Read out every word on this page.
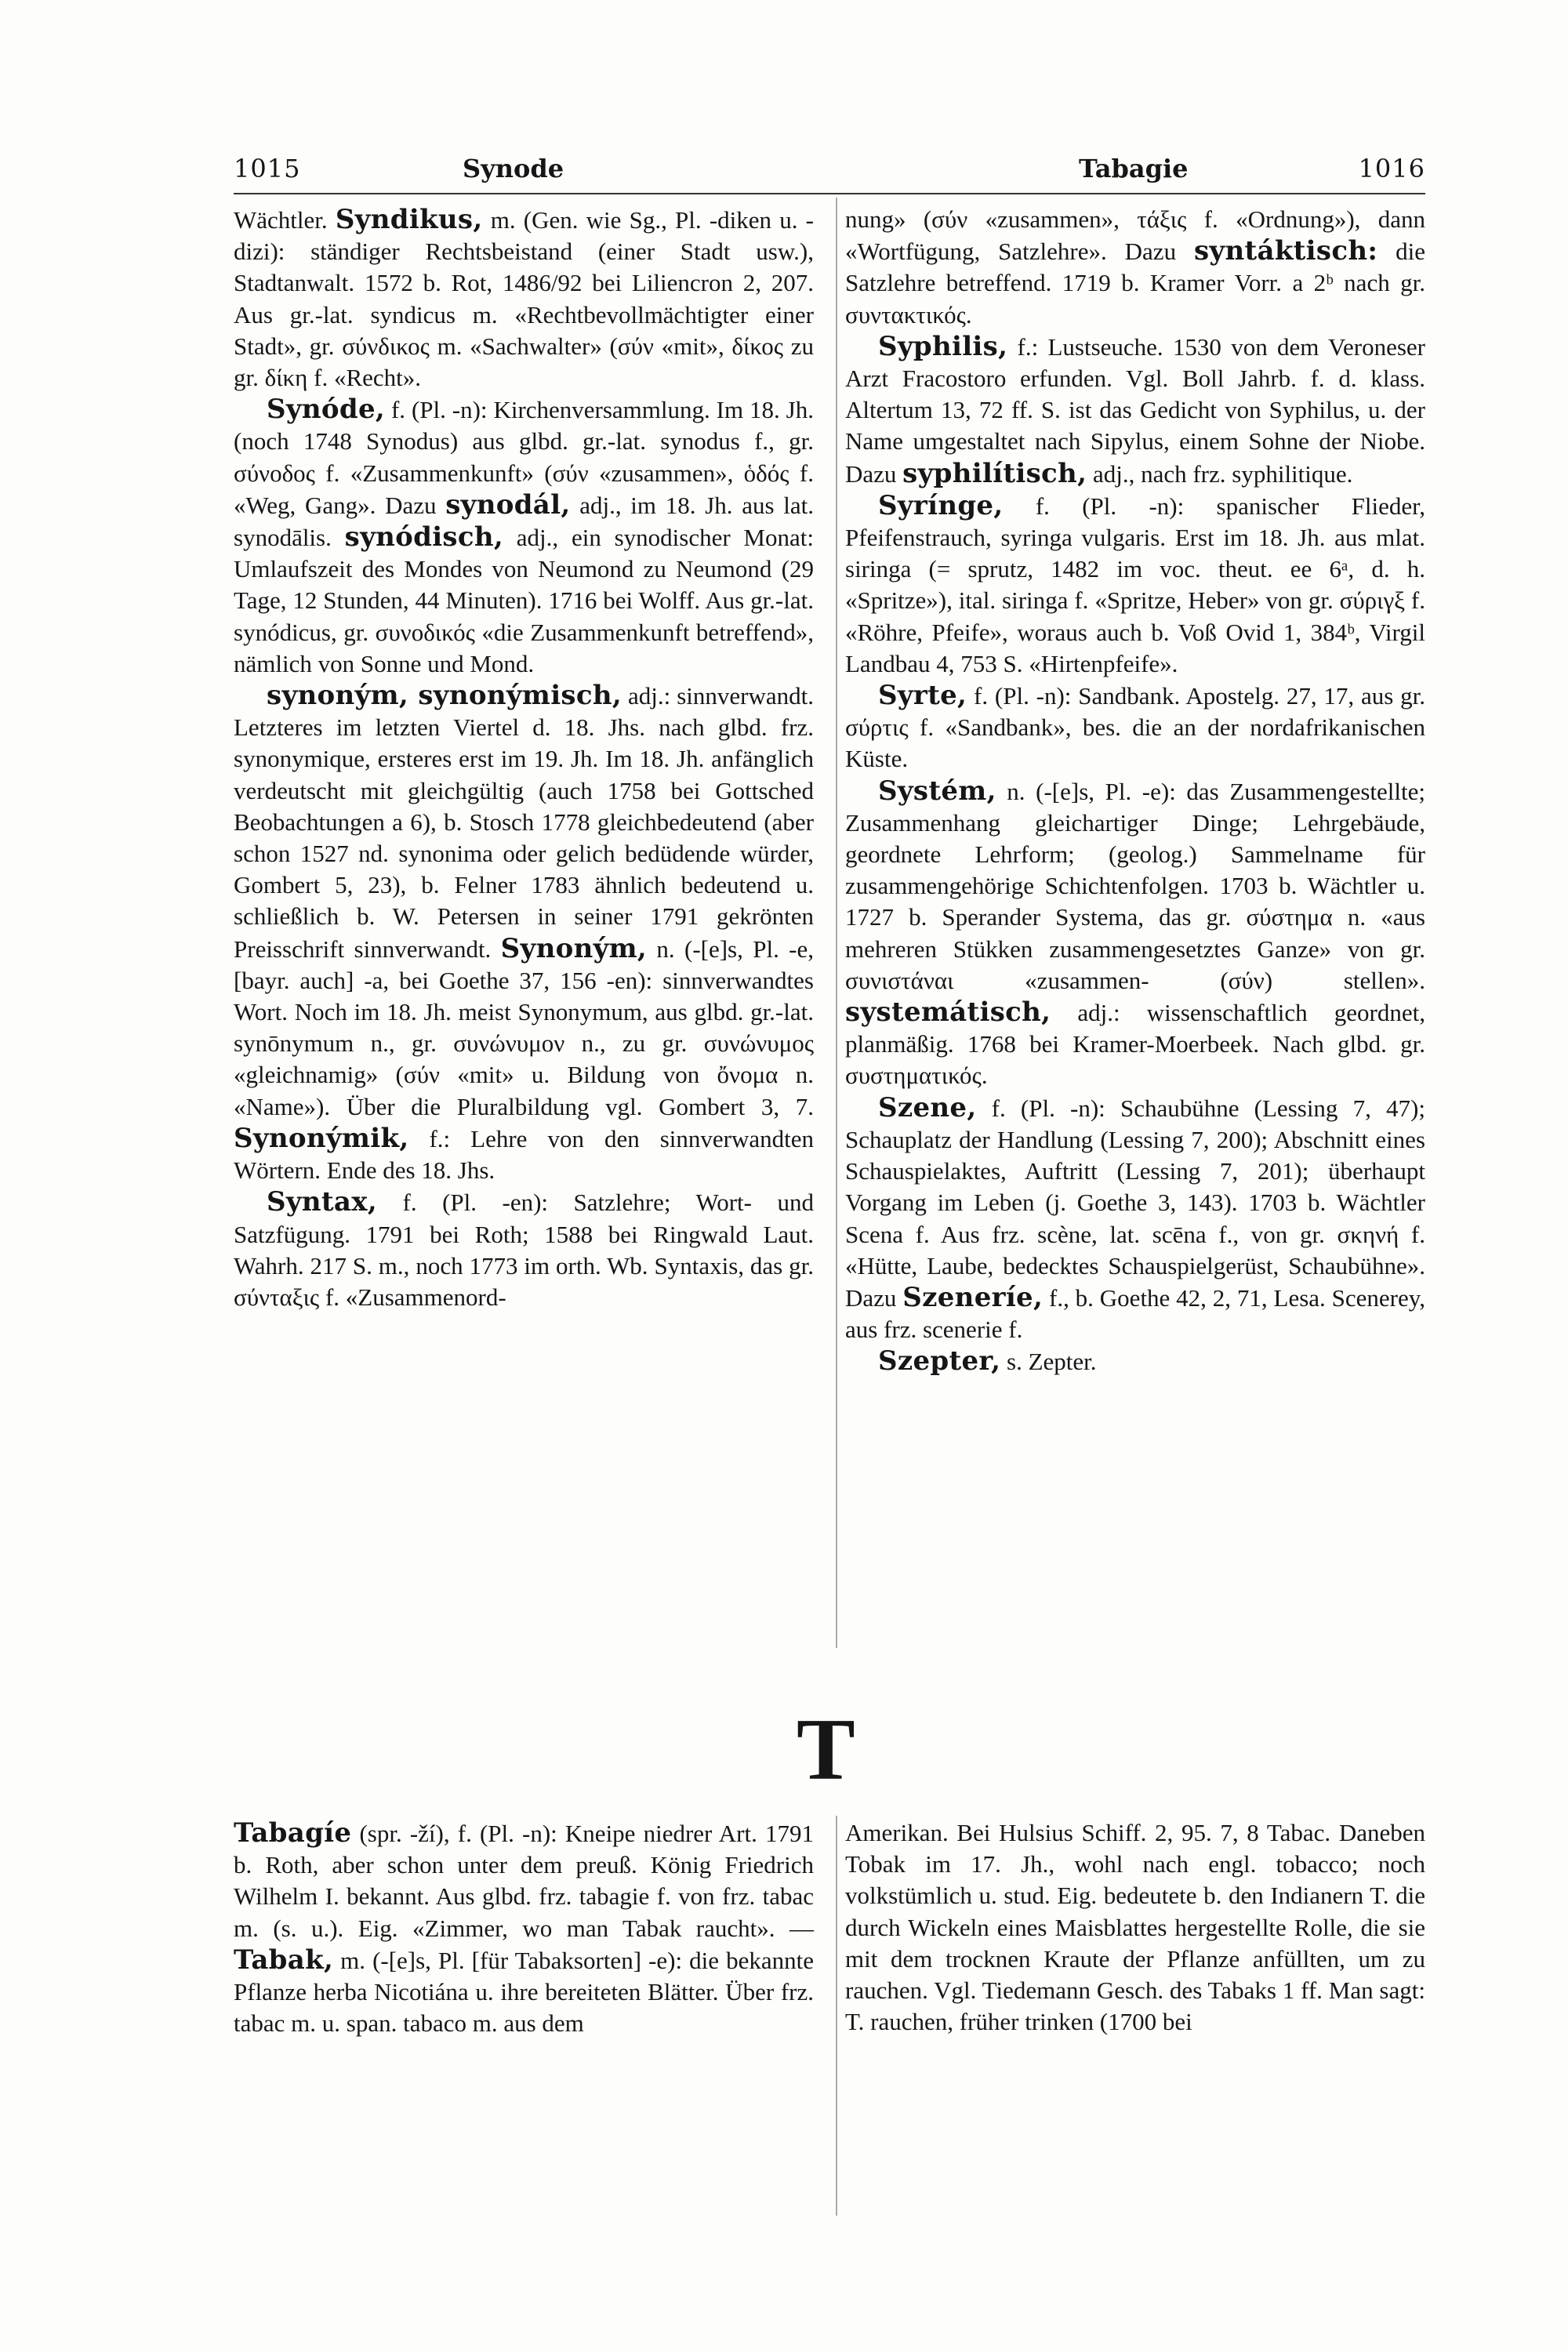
1015	Synode	Tabagie	1016

Wächtler. Syndikus, m. (Gen. wie Sg., Pl. -diken u. -dizi): ständiger Rechtsbeistand (einer Stadt usw.), Stadtanwalt. 1572 b. Rot, 1486/92 bei Liliencron 2, 207. Aus gr.-lat. syndicus m. «Rechtbevollmächtigter einer Stadt», gr. σύνδικος m. «Sachwalter» (σύν «mit», δίκος zu gr. δίκη f. «Recht».

Synóde, f. (Pl. -n): Kirchenversammlung. Im 18. Jh. (noch 1748 Synodus) aus glbd. gr.-lat. synodus f., gr. σύνοδος f. «Zusammenkunft» (σύν «zusammen», ὁδός f. «Weg, Gang». Dazu synodál, adj., im 18. Jh. aus lat. synodālis. synódisch, adj., ein synodischer Monat: Umlaufszeit des Mondes von Neumond zu Neumond (29 Tage, 12 Stunden, 44 Minuten). 1716 bei Wolff. Aus gr.-lat. synódicus, gr. συνοδικός «die Zusammenkunft betreffend», nämlich von Sonne und Mond.

synoným, synonýmisch, adj.: sinnverwandt. Letzteres im letzten Viertel d. 18. Jhs. nach glbd. frz. synonymique, ersteres erst im 19. Jh. Im 18. Jh. anfänglich verdeutscht mit gleichgültig (auch 1758 bei Gottsched Beobachtungen a 6), b. Stosch 1778 gleichbedeutend (aber schon 1527 nd. synonima oder gelich bedüdende würder, Gombert 5, 23), b. Felner 1783 ähnlich bedeutend u. schließlich b. W. Petersen in seiner 1791 gekrönten Preisschrift sinnverwandt. Synoným, n. (-[e]s, Pl. -e, [bayr. auch] -a, bei Goethe 37, 156 -en): sinnverwandtes Wort. Noch im 18. Jh. meist Synonymum, aus glbd. gr.-lat. synōnymum n., gr. συνώνυμον n., zu gr. συνώνυμος «gleichnamig» (σύν «mit» u. Bildung von ὄνομα n. «Name»). Über die Pluralbildung vgl. Gombert 3, 7. Synonýmik, f.: Lehre von den sinnverwandten Wörtern. Ende des 18. Jhs.

Syntax, f. (Pl. -en): Satzlehre; Wort- und Satzfügung. 1791 bei Roth; 1588 bei Ringwald Laut. Wahrh. 217 S. m., noch 1773 im orth. Wb. Syntaxis, das gr. σύνταξις f. «Zusammenord-

nung» (σύν «zusammen», τάξις f. «Ordnung»), dann «Wortfügung, Satzlehre». Dazu syntáktisch: die Satzlehre betreffend. 1719 b. Kramer Vorr. a 2ᵇ nach gr. συντακτικός.

Syphilis, f.: Lustseuche. 1530 von dem Veroneser Arzt Fracostoro erfunden. Vgl. Boll Jahrb. f. d. klass. Altertum 13, 72 ff. S. ist das Gedicht von Syphilus, u. der Name umgestaltet nach Sipylus, einem Sohne der Niobe. Dazu syphilítisch, adj., nach frz. syphilitique.

Syrínge, f. (Pl. -n): spanischer Flieder, Pfeifenstrauch, syringa vulgaris. Erst im 18. Jh. aus mlat. siringa (= sprutz, 1482 im voc. theut. ee 6ᵃ, d. h. «Spritze»), ital. siringa f. «Spritze, Heber» von gr. σύριγξ f. «Röhre, Pfeife», woraus auch b. Voß Ovid 1, 384ᵇ, Virgil Landbau 4, 753 S. «Hirtenpfeife».

Syrte, f. (Pl. -n): Sandbank. Apostelg. 27, 17, aus gr. σύρτις f. «Sandbank», bes. die an der nordafrikanischen Küste.

Systém, n. (-[e]s, Pl. -e): das Zusammengestellte; Zusammenhang gleichartiger Dinge; Lehrgebäude, geordnete Lehrform; (geolog.) Sammelname für zusammengehörige Schichtenfolgen. 1703 b. Wächtler u. 1727 b. Sperander Systema, das gr. σύστημα n. «aus mehreren Stükken zusammengesetztes Ganze» von gr. συνιστάναι «zusammen- (σύν) stellen». systemátisch, adj.: wissenschaftlich geordnet, planmäßig. 1768 bei Kramer-Moerbeek. Nach glbd. gr. συστηματικός.

Szene, f. (Pl. -n): Schaubühne (Lessing 7, 47); Schauplatz der Handlung (Lessing 7, 200); Abschnitt eines Schauspielaktes, Auftritt (Lessing 7, 201); überhaupt Vorgang im Leben (j. Goethe 3, 143). 1703 b. Wächtler Scena f. Aus frz. scène, lat. scēna f., von gr. σκηνή f. «Hütte, Laube, bedecktes Schauspielgerüst, Schaubühne». Dazu Szeneríe, f., b. Goethe 42, 2, 71, Lesa. Scenerey, aus frz. scenerie f.

Szepter, s. Zepter.

T

Tabagíe (spr. -ží), f. (Pl. -n): Kneipe niedrer Art. 1791 b. Roth, aber schon unter dem preuß. König Friedrich Wilhelm I. bekannt. Aus glbd. frz. tabagie f. von frz. tabac m. (s. u.). Eig. «Zimmer, wo man Tabak raucht». — Tabak, m. (-[e]s, Pl. [für Tabaksorten] -e): die bekannte Pflanze herba Nicotiána u. ihre bereiteten Blätter. Über frz. tabac m. u. span. tabaco m. aus dem

Amerikan. Bei Hulsius Schiff. 2, 95. 7, 8 Tabac. Daneben Tobak im 17. Jh., wohl nach engl. tobacco; noch volkstümlich u. stud. Eig. bedeutete b. den Indianern T. die durch Wickeln eines Maisblattes hergestellte Rolle, die sie mit dem trocknen Kraute der Pflanze anfüllten, um zu rauchen. Vgl. Tiedemann Gesch. des Tabaks 1 ff. Man sagt: T. rauchen, früher trinken (1700 bei
